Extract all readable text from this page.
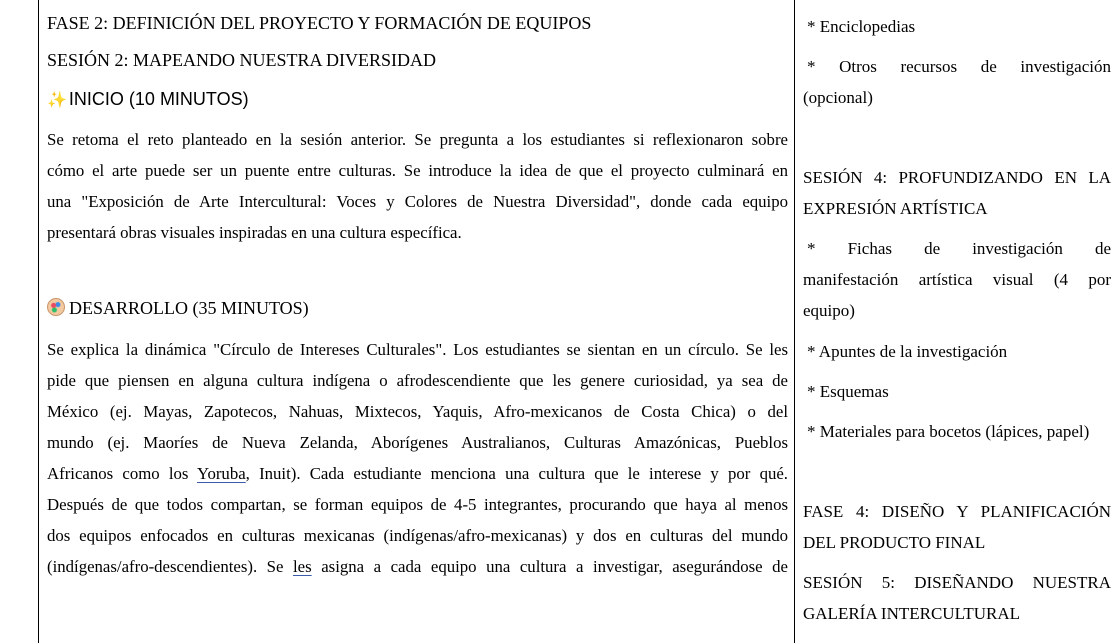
FASE 2: DEFINICIÓN DEL PROYECTO Y FORMACIÓN DE EQUIPOS
SESIÓN 2: MAPEANDO NUESTRA DIVERSIDAD
✨ INICIO (10 MINUTOS)
Se retoma el reto planteado en la sesión anterior. Se pregunta a los estudiantes si reflexionaron sobre
cómo el arte puede ser un puente entre culturas. Se introduce la idea de que el proyecto culminará en
una "Exposición de Arte Intercultural: Voces y Colores de Nuestra Diversidad", donde cada equipo
presentará obras visuales inspiradas en una cultura específica.
DESARROLLO (35 MINUTOS)
Se explica la dinámica "Círculo de Intereses Culturales". Los estudiantes se sientan en un círculo. Se les
pide que piensen en alguna cultura indígena o afrodescendiente que les genere curiosidad, ya sea de
México (ej. Mayas, Zapotecos, Nahuas, Mixtecos, Yaquis, Afro-mexicanos de Costa Chica) o del
mundo (ej. Maoríes de Nueva Zelanda, Aborígenes Australianos, Culturas Amazónicas, Pueblos
Africanos como los Yoruba, Inuit). Cada estudiante menciona una cultura que le interese y por qué.
Después de que todos compartan, se forman equipos de 4-5 integrantes, procurando que haya al menos
dos equipos enfocados en culturas mexicanas (indígenas/afro-mexicanas) y dos en culturas del mundo
(indígenas/afro-descendientes). Se les asigna a cada equipo una cultura a investigar, asegurándose de
* Enciclopedias
* Otros recursos de investigación
(opcional)
SESIÓN 4: PROFUNDIZANDO EN LA
EXPRESIÓN ARTÍSTICA
* Fichas de investigación de
manifestación artística visual (4 por
equipo)
* Apuntes de la investigación
* Esquemas
* Materiales para bocetos (lápices, papel)
FASE 4: DISEÑO Y PLANIFICACIÓN
DEL PRODUCTO FINAL
SESIÓN 5: DISEÑANDO NUESTRA
GALERÍA INTERCULTURAL
